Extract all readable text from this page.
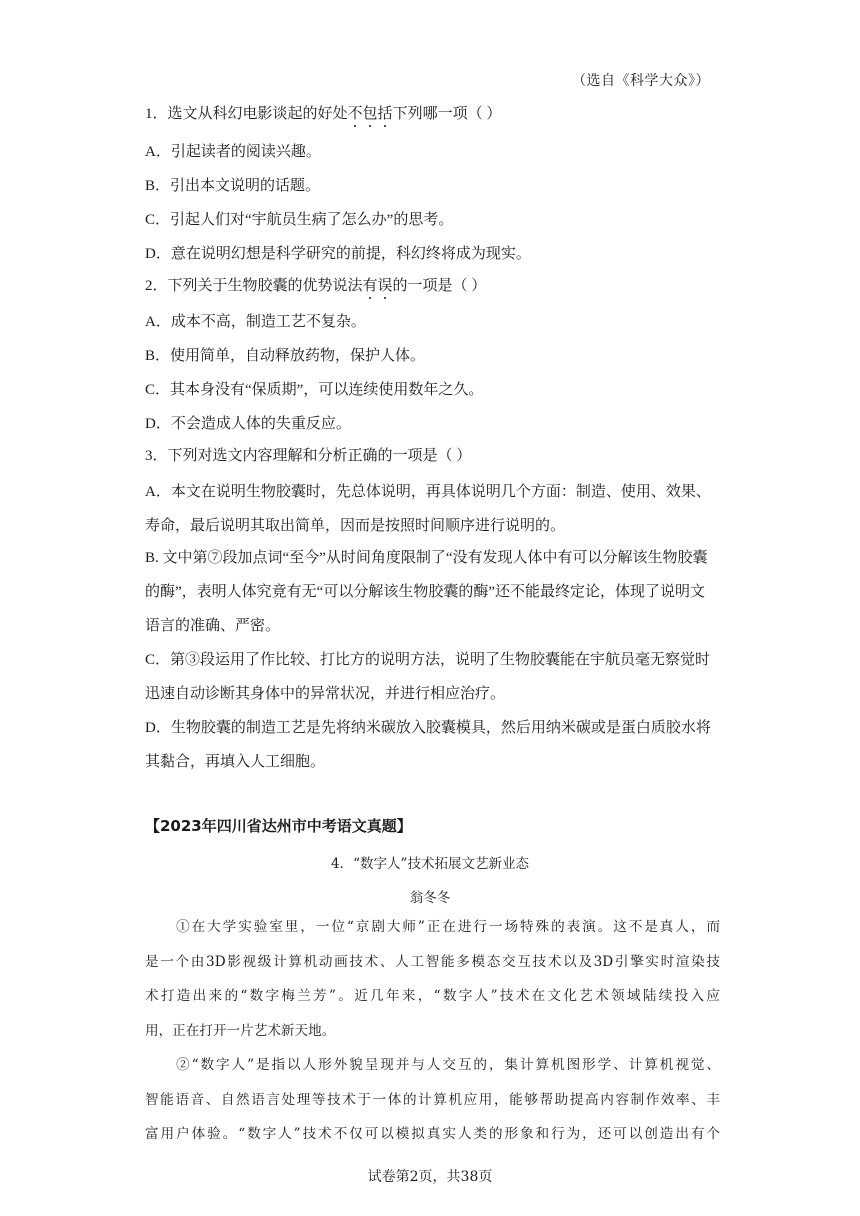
（选自《科学大众》）
1．选文从科幻电影谈起的好处不包括下列哪一项（ ）
A．引起读者的阅读兴趣。
B．引出本文说明的话题。
C．引起人们对“宇航员生病了怎么办”的思考。
D．意在说明幻想是科学研究的前提，科幻终将成为现实。
2．下列关于生物胶囊的优势说法有误的一项是（ ）
A．成本不高，制造工艺不复杂。
B．使用简单，自动释放药物，保护人体。
C．其本身没有“保质期”，可以连续使用数年之久。
D．不会造成人体的失重反应。
3．下列对选文内容理解和分析正确的一项是（ ）
A．本文在说明生物胶囊时，先总体说明，再具体说明几个方面：制造、使用、效果、
寿命，最后说明其取出简单，因而是按照时间顺序进行说明的。
B. 文中第⑦段加点词“至今”从时间角度限制了“没有发现人体中有可以分解该生物胶囊
的酶”，表明人体究竟有无“可以分解该生物胶囊的酶”还不能最终定论，体现了说明文
语言的准确、严密。
C．第③段运用了作比较、打比方的说明方法，说明了生物胶囊能在宇航员毫无察觉时
迅速自动诊断其身体中的异常状况，并进行相应治疗。
D．生物胶囊的制造工艺是先将纳米碳放入胶囊模具，然后用纳米碳或是蛋白质胶水将
其黏合，再填入人工细胞。
【2023年四川省达州市中考语文真题】
4．“数字人”技术拓展文艺新业态
翁冬冬
　　①在大学实验室里，一位“京剧大师”正在进行一场特殊的表演。这不是真人，而
是一个由3D影视级计算机动画技术、人工智能多模态交互技术以及3D引擎实时渲染技
术打造出来的“数字梅兰芳”。近几年来，“数字人”技术在文化艺术领域陆续投入应
用，正在打开一片艺术新天地。
　　②“数字人”是指以人形外貌呈现并与人交互的，集计算机图形学、计算机视觉、
智能语音、自然语言处理等技术于一体的计算机应用，能够帮助提高内容制作效率、丰
富用户体验。“数字人”技术不仅可以模拟真实人类的形象和行为，还可以创造出有个
试卷第2页，共38页
